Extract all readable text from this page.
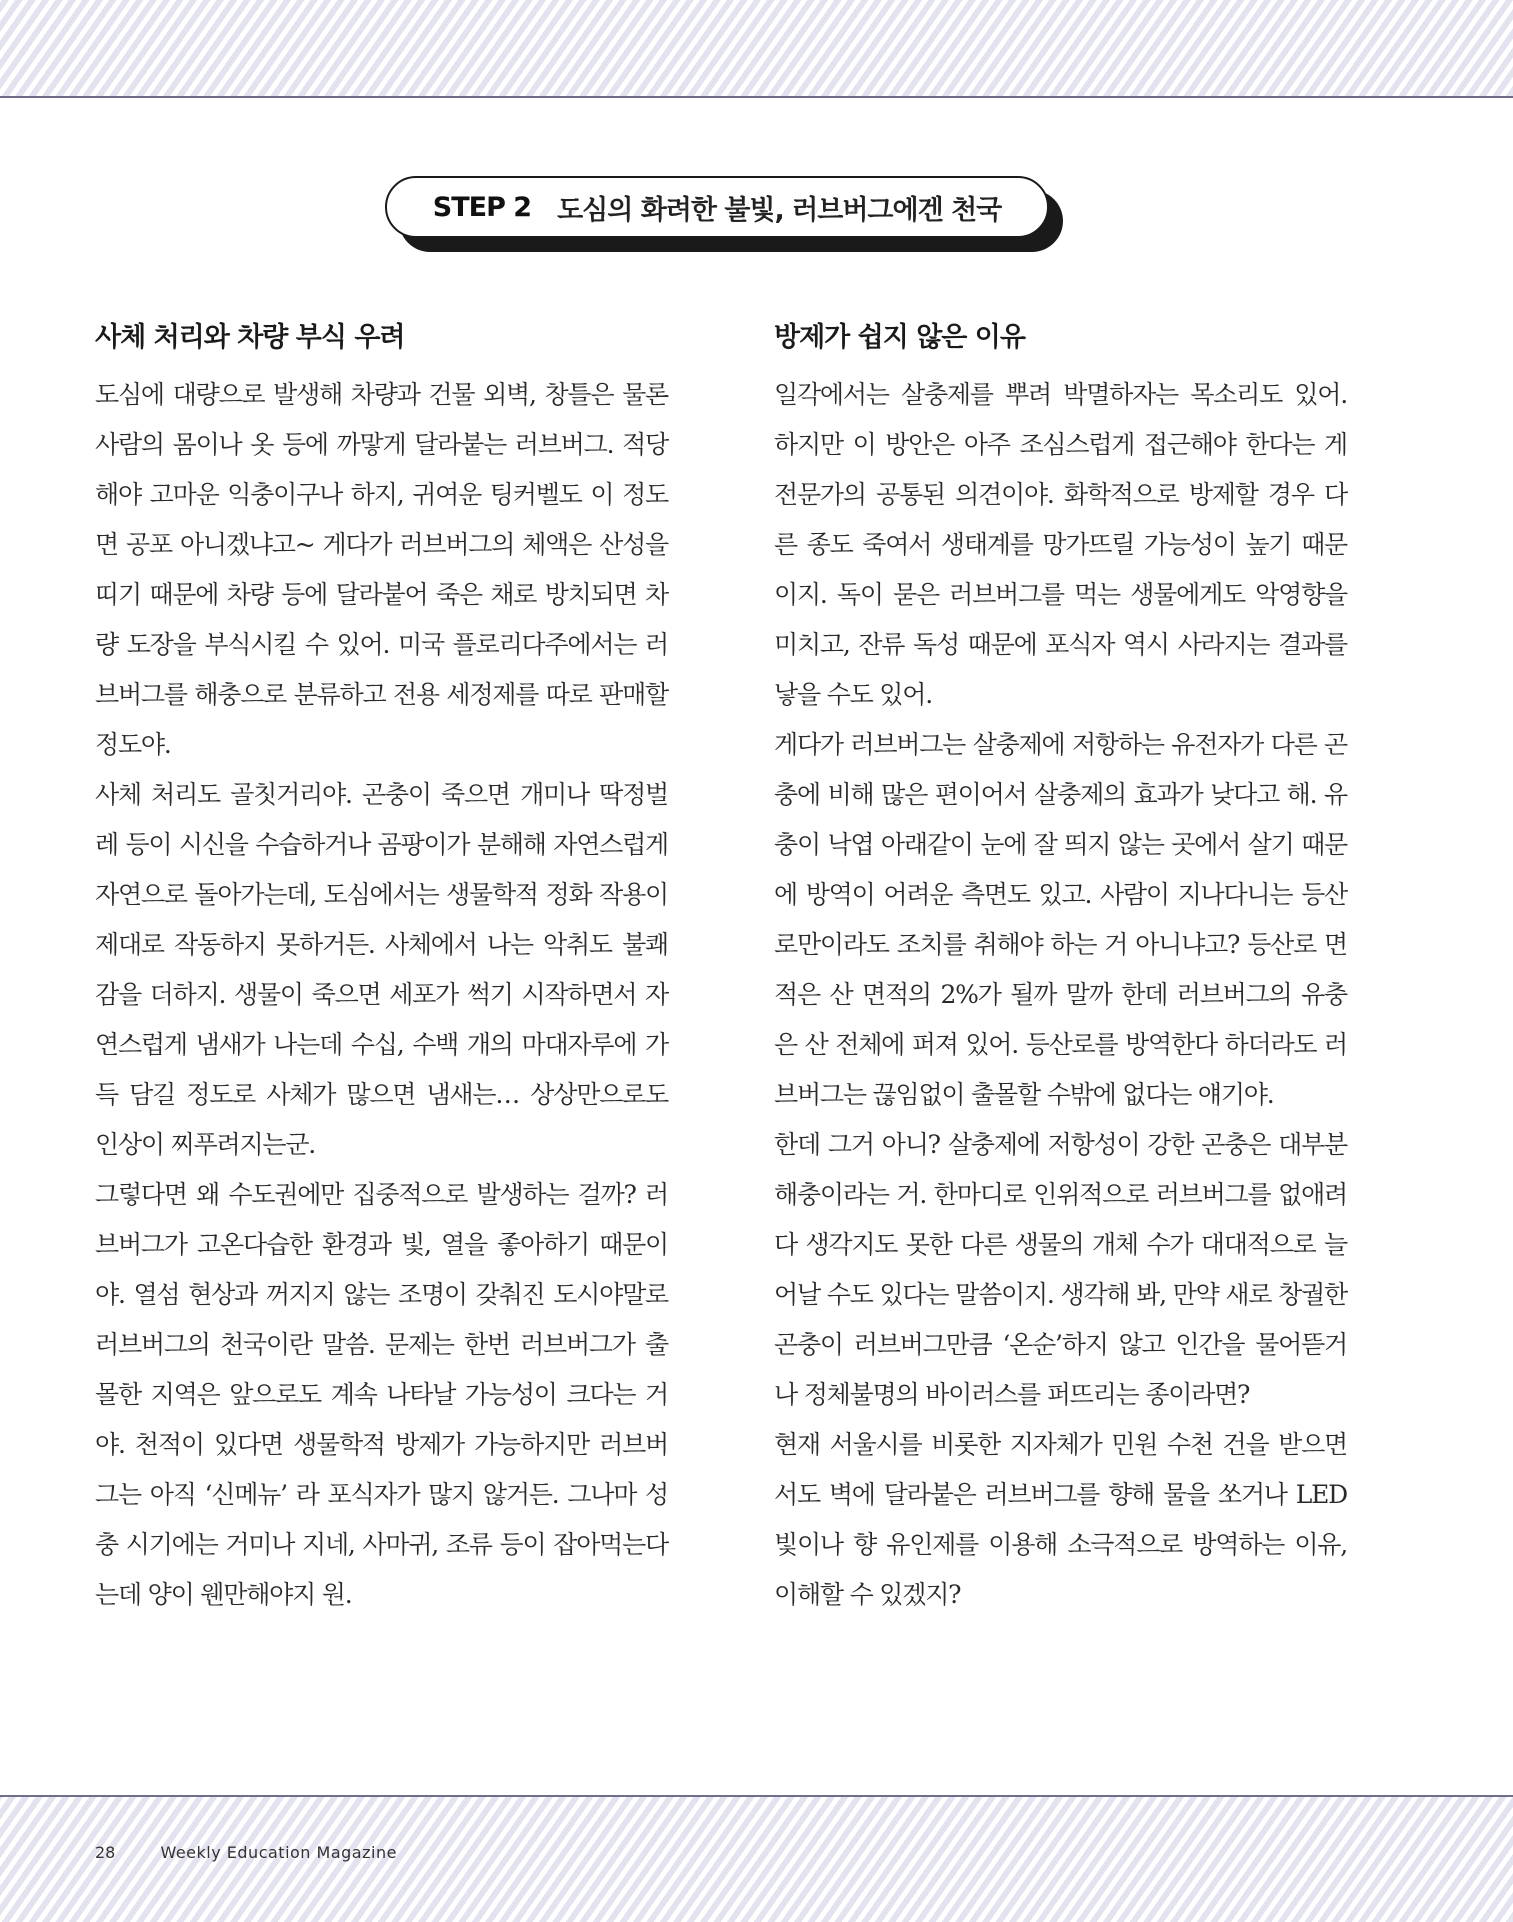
STEP 2 도심의 화려한 불빛, 러브버그에겐 천국
사체 처리와 차량 부식 우려

도심에 대량으로 발생해 차량과 건물 외벽, 창틀은 물론 사람의 몸이나 옷 등에 까맣게 달라붙는 러브버그. 적당해야 고마운 익충이구나 하지, 귀여운 팅커벨도 이 정도면 공포 아니겠냐고~ 게다가 러브버그의 체액은 산성을 띠기 때문에 차량 등에 달라붙어 죽은 채로 방치되면 차량 도장을 부식시킬 수 있어. 미국 플로리다주에서는 러브버그를 해충으로 분류하고 전용 세정제를 따로 판매할 정도야.

사체 처리도 골칫거리야. 곤충이 죽으면 개미나 딱정벌레 등이 시신을 수습하거나 곰팡이가 분해해 자연스럽게 자연으로 돌아가는데, 도심에서는 생물학적 정화 작용이 제대로 작동하지 못하거든. 사체에서 나는 악취도 불쾌감을 더하지. 생물이 죽으면 세포가 썩기 시작하면서 자연스럽게 냄새가 나는데 수십, 수백 개의 마대자루에 가득 담길 정도로 사체가 많으면 냄새는… 상상만으로도 인상이 찌푸려지는군.

그렇다면 왜 수도권에만 집중적으로 발생하는 걸까? 러브버그가 고온다습한 환경과 빛, 열을 좋아하기 때문이야. 열섬 현상과 꺼지지 않는 조명이 갖춰진 도시야말로 러브버그의 천국이란 말씀. 문제는 한번 러브버그가 출몰한 지역은 앞으로도 계속 나타날 가능성이 크다는 거야. 천적이 있다면 생물학적 방제가 가능하지만 러브버그는 아직 ‘신메뉴’ 라 포식자가 많지 않거든. 그나마 성충 시기에는 거미나 지네, 사마귀, 조류 등이 잡아먹는다는데 양이 웬만해야지 원.

방제가 쉽지 않은 이유

일각에서는 살충제를 뿌려 박멸하자는 목소리도 있어. 하지만 이 방안은 아주 조심스럽게 접근해야 한다는 게 전문가의 공통된 의견이야. 화학적으로 방제할 경우 다른 종도 죽여서 생태계를 망가뜨릴 가능성이 높기 때문이지. 독이 묻은 러브버그를 먹는 생물에게도 악영향을 미치고, 잔류 독성 때문에 포식자 역시 사라지는 결과를 낳을 수도 있어.

게다가 러브버그는 살충제에 저항하는 유전자가 다른 곤충에 비해 많은 편이어서 살충제의 효과가 낮다고 해. 유충이 낙엽 아래같이 눈에 잘 띄지 않는 곳에서 살기 때문에 방역이 어려운 측면도 있고. 사람이 지나다니는 등산로만이라도 조치를 취해야 하는 거 아니냐고? 등산로 면적은 산 면적의 2%가 될까 말까 한데 러브버그의 유충은 산 전체에 퍼져 있어. 등산로를 방역한다 하더라도 러브버그는 끊임없이 출몰할 수밖에 없다는 얘기야.

한데 그거 아니? 살충제에 저항성이 강한 곤충은 대부분 해충이라는 거. 한마디로 인위적으로 러브버그를 없애려다 생각지도 못한 다른 생물의 개체 수가 대대적으로 늘어날 수도 있다는 말씀이지. 생각해 봐, 만약 새로 창궐한 곤충이 러브버그만큼 ‘온순’하지 않고 인간을 물어뜯거나 정체불명의 바이러스를 퍼뜨리는 종이라면?

현재 서울시를 비롯한 지자체가 민원 수천 건을 받으면서도 벽에 달라붙은 러브버그를 향해 물을 쏘거나 LED 빛이나 향 유인제를 이용해 소극적으로 방역하는 이유, 이해할 수 있겠지?

28	Weekly Education Magazine
